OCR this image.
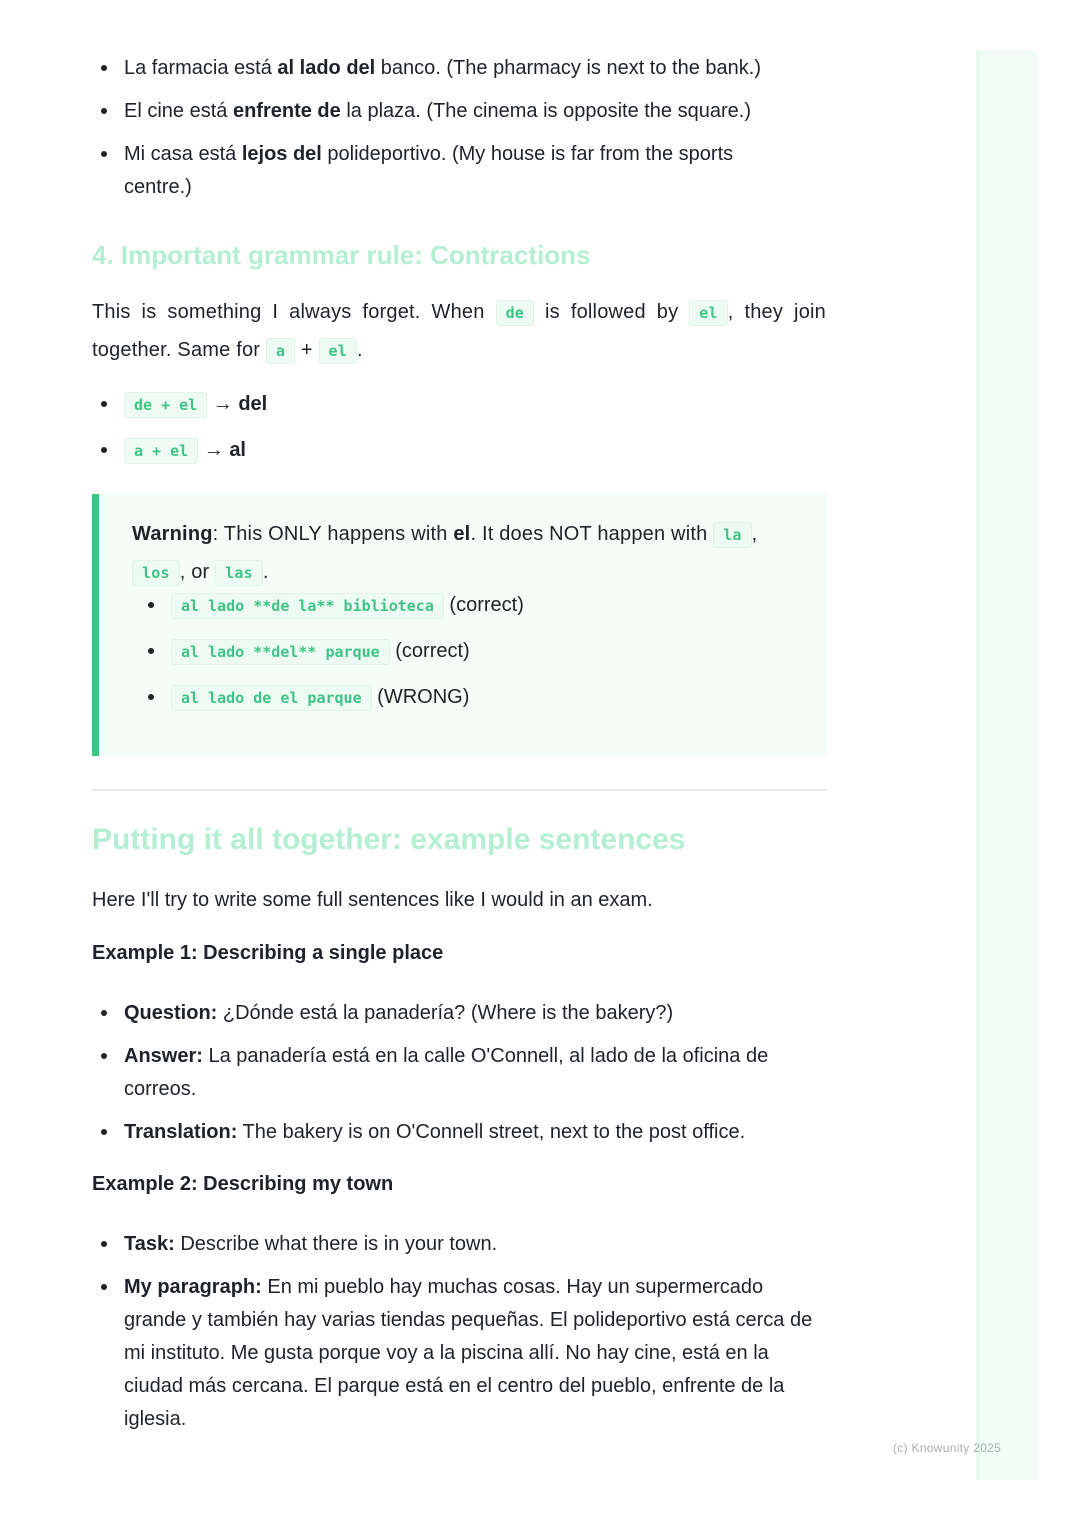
La farmacia está al lado del banco. (The pharmacy is next to the bank.)
El cine está enfrente de la plaza. (The cinema is opposite the square.)
Mi casa está lejos del polideportivo. (My house is far from the sports centre.)
4. Important grammar rule: Contractions

This is something I always forget. When de is followed by el , they join together. Same for a + el .

de + el → del
a + el → al

Warning: This ONLY happens with el. It does NOT happen with la , los , or las .

al lado **de la** biblioteca (correct)
al lado **del** parque (correct)
al lado de el parque (WRONG)
Putting it all together: example sentences

Here I'll try to write some full sentences like I would in an exam.

Example 1: Describing a single place
Question: ¿Dónde está la panadería? (Where is the bakery?)
Answer: La panadería está en la calle O'Connell, al lado de la oficina de correos.
Translation: The bakery is on O'Connell street, next to the post office.
Example 2: Describing my town
Task: Describe what there is in your town.
My paragraph: En mi pueblo hay muchas cosas. Hay un supermercado grande y también hay varias tiendas pequeñas. El polideportivo está cerca de mi instituto. Me gusta porque voy a la piscina allí. No hay cine, está en la ciudad más cercana. El parque está en el centro del pueblo, enfrente de la iglesia.
(c) Knowunity 2025
